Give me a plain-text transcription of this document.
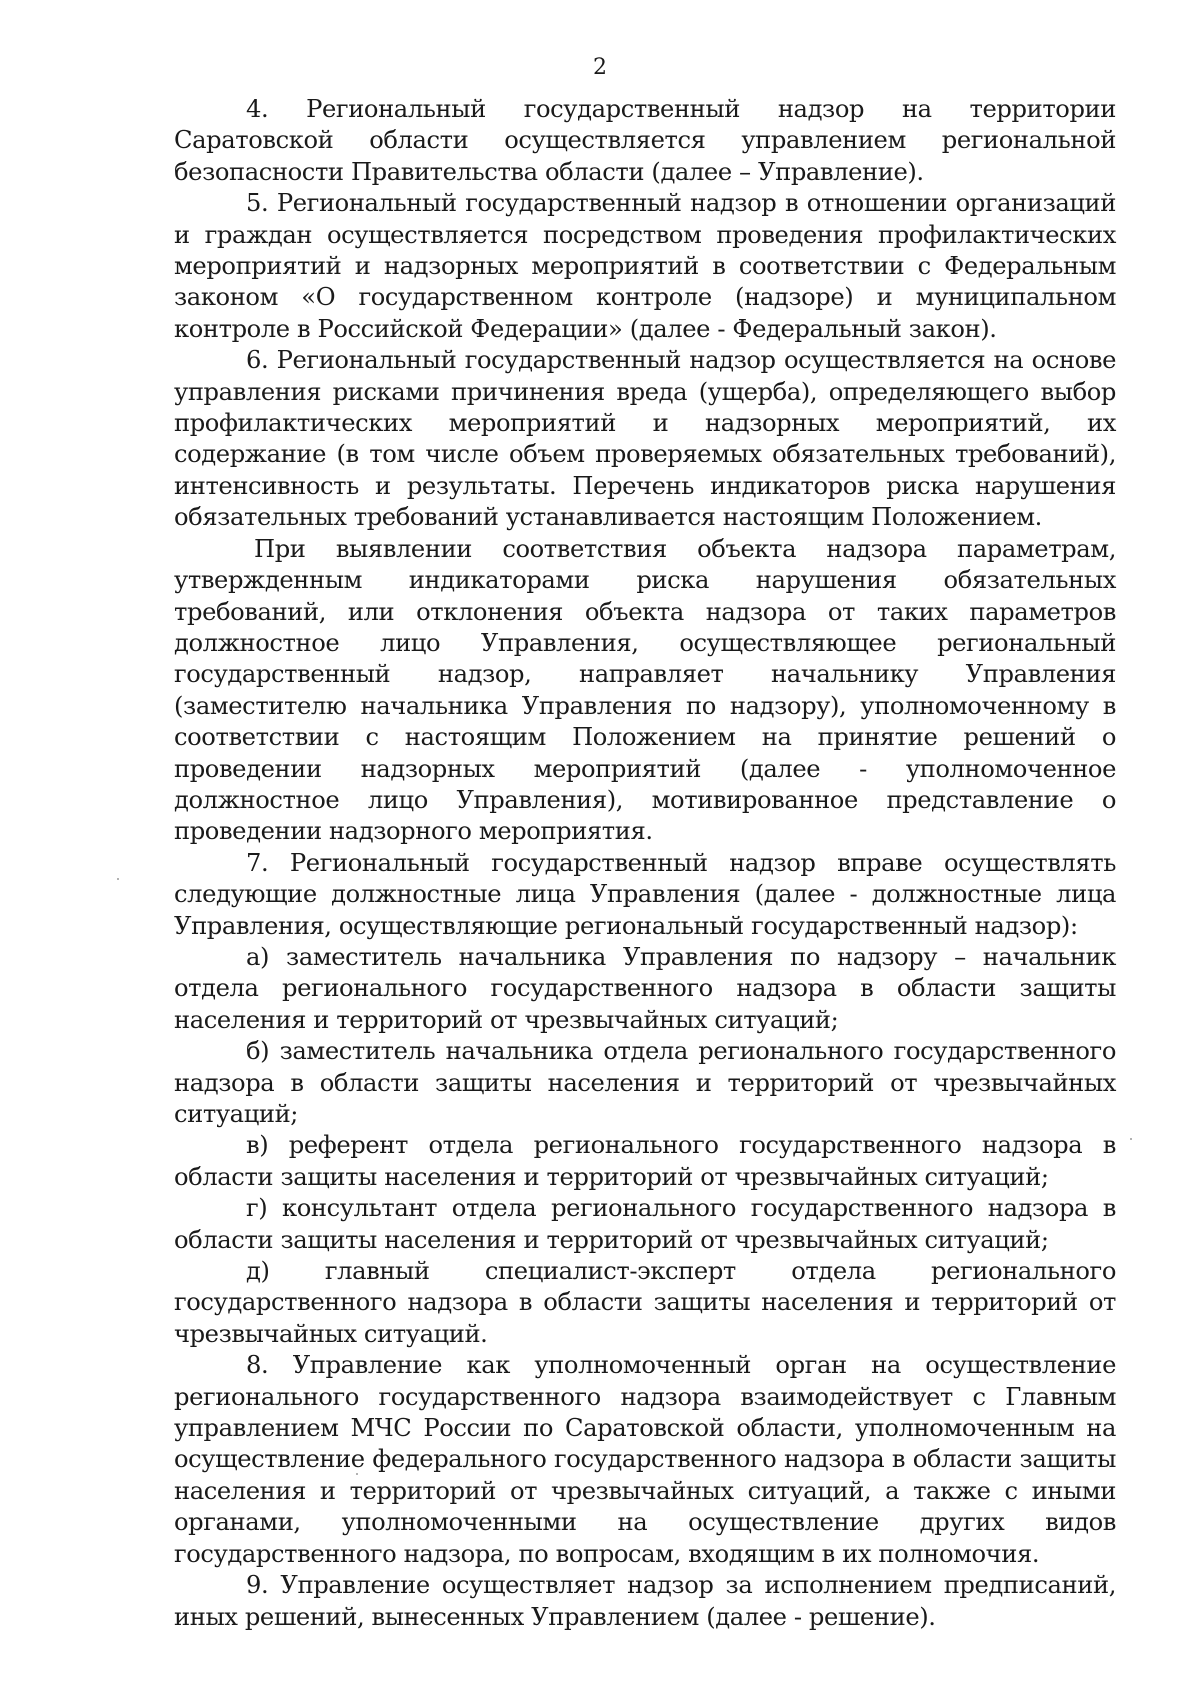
2

4. Региональный государственный надзор на территории Саратовской области осуществляется управлением региональной безопасности Правительства области (далее – Управление).

5. Региональный государственный надзор в отношении организаций и граждан осуществляется посредством проведения профилактических мероприятий и надзорных мероприятий в соответствии с Федеральным законом «О государственном контроле (надзоре) и муниципальном контроле в Российской Федерации» (далее - Федеральный закон).

6. Региональный государственный надзор осуществляется на основе управления рисками причинения вреда (ущерба), определяющего выбор профилактических мероприятий и надзорных мероприятий, их содержание (в том числе объем проверяемых обязательных требований), интенсивность и результаты. Перечень индикаторов риска нарушения обязательных требований устанавливается настоящим Положением.

При выявлении соответствия объекта надзора параметрам, утвержденным индикаторами риска нарушения обязательных требований, или отклонения объекта надзора от таких параметров должностное лицо Управления, осуществляющее региональный государственный надзор, направляет начальнику Управления (заместителю начальника Управления по надзору), уполномоченному в соответствии с настоящим Положением на принятие решений о проведении надзорных мероприятий (далее - уполномоченное должностное лицо Управления), мотивированное представление о проведении надзорного мероприятия.

7. Региональный государственный надзор вправе осуществлять следующие должностные лица Управления (далее - должностные лица Управления, осуществляющие региональный государственный надзор):

а) заместитель начальника Управления по надзору – начальник отдела регионального государственного надзора в области защиты населения и территорий от чрезвычайных ситуаций;

б) заместитель начальника отдела регионального государственного надзора в области защиты населения и территорий от чрезвычайных ситуаций;

в) референт отдела регионального государственного надзора в области защиты населения и территорий от чрезвычайных ситуаций;

г) консультант отдела регионального государственного надзора в области защиты населения и территорий от чрезвычайных ситуаций;

д) главный специалист-эксперт отдела регионального государственного надзора в области защиты населения и территорий от чрезвычайных ситуаций.

8. Управление как уполномоченный орган на осуществление регионального государственного надзора взаимодействует с Главным управлением МЧС России по Саратовской области, уполномоченным на осуществление федерального государственного надзора в области защиты населения и территорий от чрезвычайных ситуаций, а также с иными органами, уполномоченными на осуществление других видов государственного надзора, по вопросам, входящим в их полномочия.

9. Управление осуществляет надзор за исполнением предписаний, иных решений, вынесенных Управлением (далее - решение).
